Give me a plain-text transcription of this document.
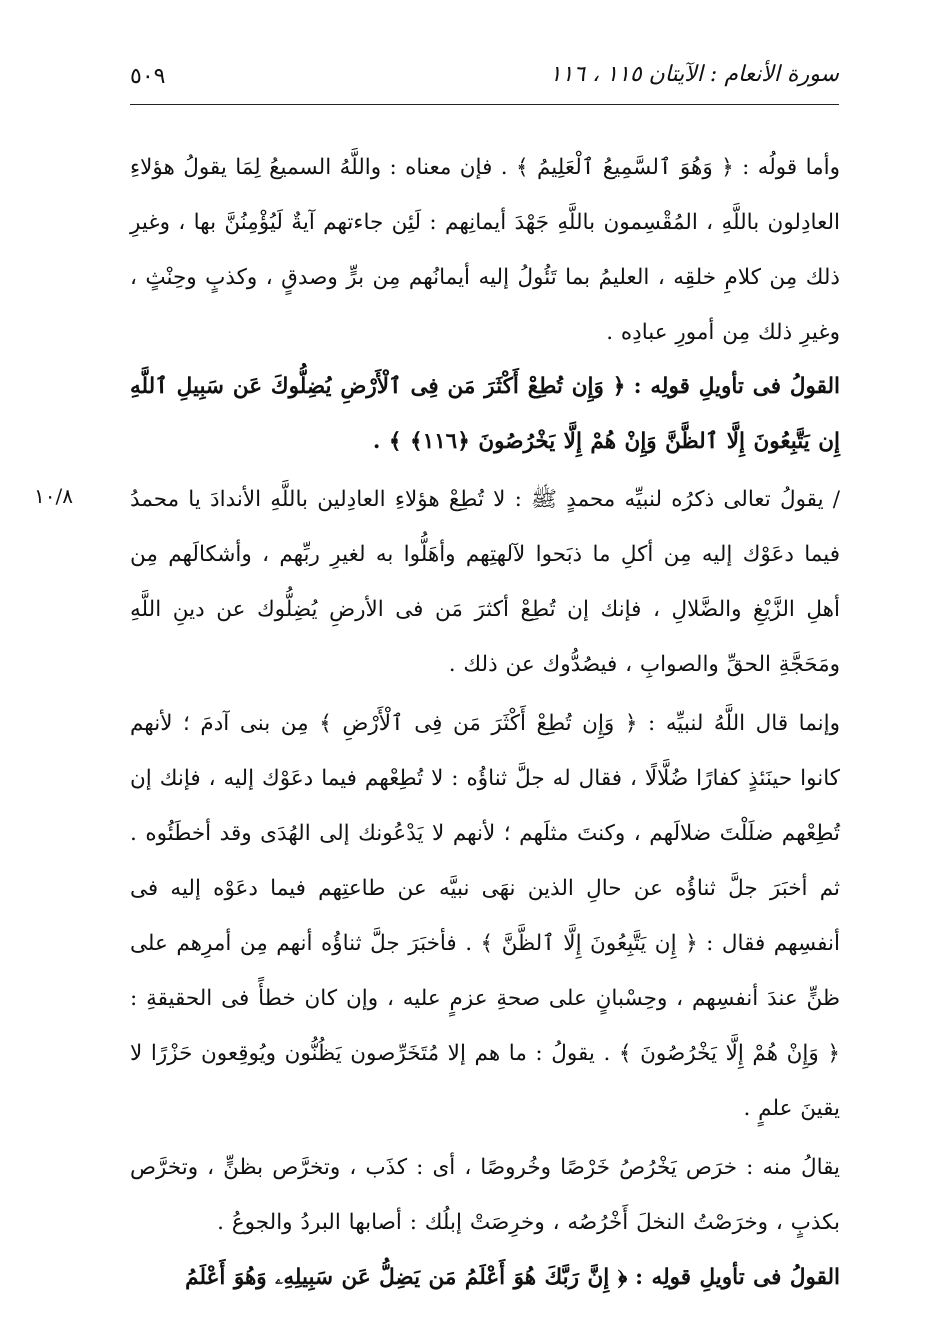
٥٠٩	سورة الأنعام : الآيتان ١١٥ ، ١١٦
وأما قولُه : ﴿ وَهُوَ ٱلسَّمِيعُ ٱلْعَلِيمُ ﴾ . فإن معناه : واللَّهُ السميعُ لِمَا يقولُ هؤلاءِ العادِلون باللَّهِ ، المُقْسِمون باللَّهِ جَهْدَ أيمانِهم : لَئِن جاءتهم آيةٌ لَيُؤْمِنُنَّ بها ، وغيرِ ذلك مِن كلامِ خلقِه ، العليمُ بما تَئُولُ إليه أيمانُهم مِن برٍّ وصدقٍ ، وكذبٍ وحِنْثٍ ، وغيرِ ذلك مِن أمورِ عبادِه .
القولُ فى تأويلِ قولِه : ﴿ وَإِن تُطِعْ أَكْثَرَ مَن فِى ٱلْأَرْضِ يُضِلُّوكَ عَن سَبِيلِ ٱللَّهِ إِن يَتَّبِعُونَ إِلَّا ٱلظَّنَّ وَإِنْ هُمْ إِلَّا يَخْرُصُونَ ﴿١١٦﴾ ﴾ .
١٠/٨	/ يقولُ تعالى ذكرُه لنبيِّه محمدٍ ﷺ : لا تُطِعْ هؤلاءِ العادِلين باللَّهِ الأندادَ يا محمدُ فيما دعَوْك إليه مِن أكلِ ما ذبَحوا لآلهتِهم وأهَلُّوا به لغيرِ ربِّهم ، وأشكالَهم مِن أهلِ الزَّيْغِ والضَّلالِ ، فإنك إن تُطِعْ أكثرَ مَن فى الأرضِ يُضِلُّوك عن دينِ اللَّهِ ومَحَجَّةِ الحقِّ والصوابِ ، فيصُدُّوك عن ذلك .
وإنما قال اللَّهُ لنبيِّه : ﴿ وَإِن تُطِعْ أَكْثَرَ مَن فِى ٱلْأَرْضِ ﴾ مِن بنى آدمَ ؛ لأنهم كانوا حينَئذٍ كفارًا ضُلَّالًا ، فقال له جلَّ ثناؤُه : لا تُطِعْهم فيما دعَوْك إليه ، فإنك إن تُطِعْهم ضلَلْتَ ضلالَهم ، وكنتَ مثلَهم ؛ لأنهم لا يَدْعُونك إلى الهُدَى وقد أخطَئُوه . ثم أخبَرَ جلَّ ثناؤُه عن حالِ الذين نهَى نبيَّه عن طاعتِهم فيما دعَوْه إليه فى أنفسِهم فقال : ﴿ إِن يَتَّبِعُونَ إِلَّا ٱلظَّنَّ ﴾ . فأخبَرَ جلَّ ثناؤُه أنهم مِن أمرِهم على ظنٍّ عندَ أنفسِهم ، وحِسْبانٍ على صحةِ عزمٍ عليه ، وإن كان خطأً فى الحقيقةِ : ﴿ وَإِنْ هُمْ إِلَّا يَخْرُصُونَ ﴾ . يقولُ : ما هم إلا مُتَخَرِّصون يَظُنُّون ويُوقِعون حَزْرًا لا يقينَ علمٍ .
يقالُ منه : خرَص يَخْرُصُ خَرْصًا وخُروصًا ، أى : كذَب ، وتخرَّص بظنٍّ ، وتخرَّص بكذبٍ ، وخرَصْتُ النخلَ أَخْرُصُه ، وخرِصَتْ إبلُك : أصابها البردُ والجوعُ .
القولُ فى تأويلِ قولِه : ﴿ إِنَّ رَبَّكَ هُوَ أَعْلَمُ مَن يَضِلُّ عَن سَبِيلِهِۦ وَهُوَ أَعْلَمُ
